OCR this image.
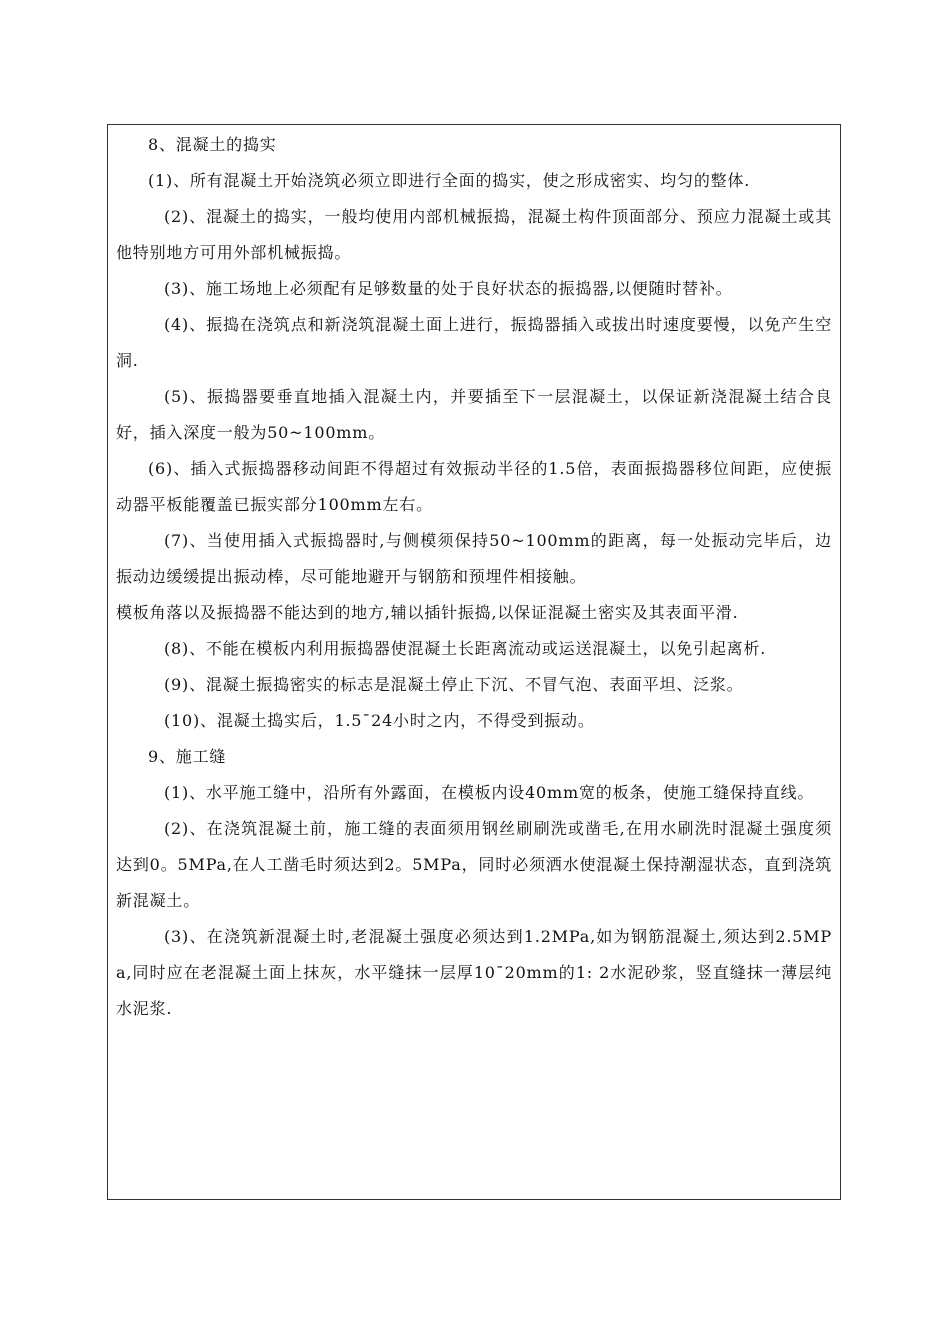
8、混凝土的捣实

(1)、所有混凝土开始浇筑必须立即进行全面的捣实，使之形成密实、均匀的整体.

(2)、混凝土的捣实，一般均使用内部机械振捣，混凝土构件顶面部分、预应力混凝土或其他特别地方可用外部机械振捣。

(3)、施工场地上必须配有足够数量的处于良好状态的振捣器,以便随时替补。

(4)、振捣在浇筑点和新浇筑混凝土面上进行，振捣器插入或拔出时速度要慢，以免产生空洞.

(5)、振捣器要垂直地插入混凝土内，并要插至下一层混凝土，以保证新浇混凝土结合良好，插入深度一般为50~100mm。

(6)、插入式振捣器移动间距不得超过有效振动半径的1.5倍，表面振捣器移位间距，应使振动器平板能覆盖已振实部分100mm左右。

(7)、当使用插入式振捣器时,与侧模须保持50~100mm的距离，每一处振动完毕后，边振动边缓缓提出振动棒，尽可能地避开与钢筋和预埋件相接触。

模板角落以及振捣器不能达到的地方,辅以插针振捣,以保证混凝土密实及其表面平滑.

(8)、不能在模板内利用振捣器使混凝土长距离流动或运送混凝土，以免引起离析.

(9)、混凝土振捣密实的标志是混凝土停止下沉、不冒气泡、表面平坦、泛浆。

(10)、混凝土捣实后，1.5¯24小时之内，不得受到振动。

9、施工缝

(1)、水平施工缝中，沿所有外露面，在模板内设40mm宽的板条，使施工缝保持直线。

(2)、在浇筑混凝土前，施工缝的表面须用钢丝刷刷洗或凿毛,在用水刷洗时混凝土强度须达到0。5MPa,在人工凿毛时须达到2。5MPa，同时必须洒水使混凝土保持潮湿状态，直到浇筑新混凝土。

(3)、在浇筑新混凝土时,老混凝土强度必须达到1.2MPa,如为钢筋混凝土,须达到2.5MPa,同时应在老混凝土面上抹灰，水平缝抹一层厚10¯20mm的1: 2水泥砂浆，竖直缝抹一薄层纯水泥浆.
